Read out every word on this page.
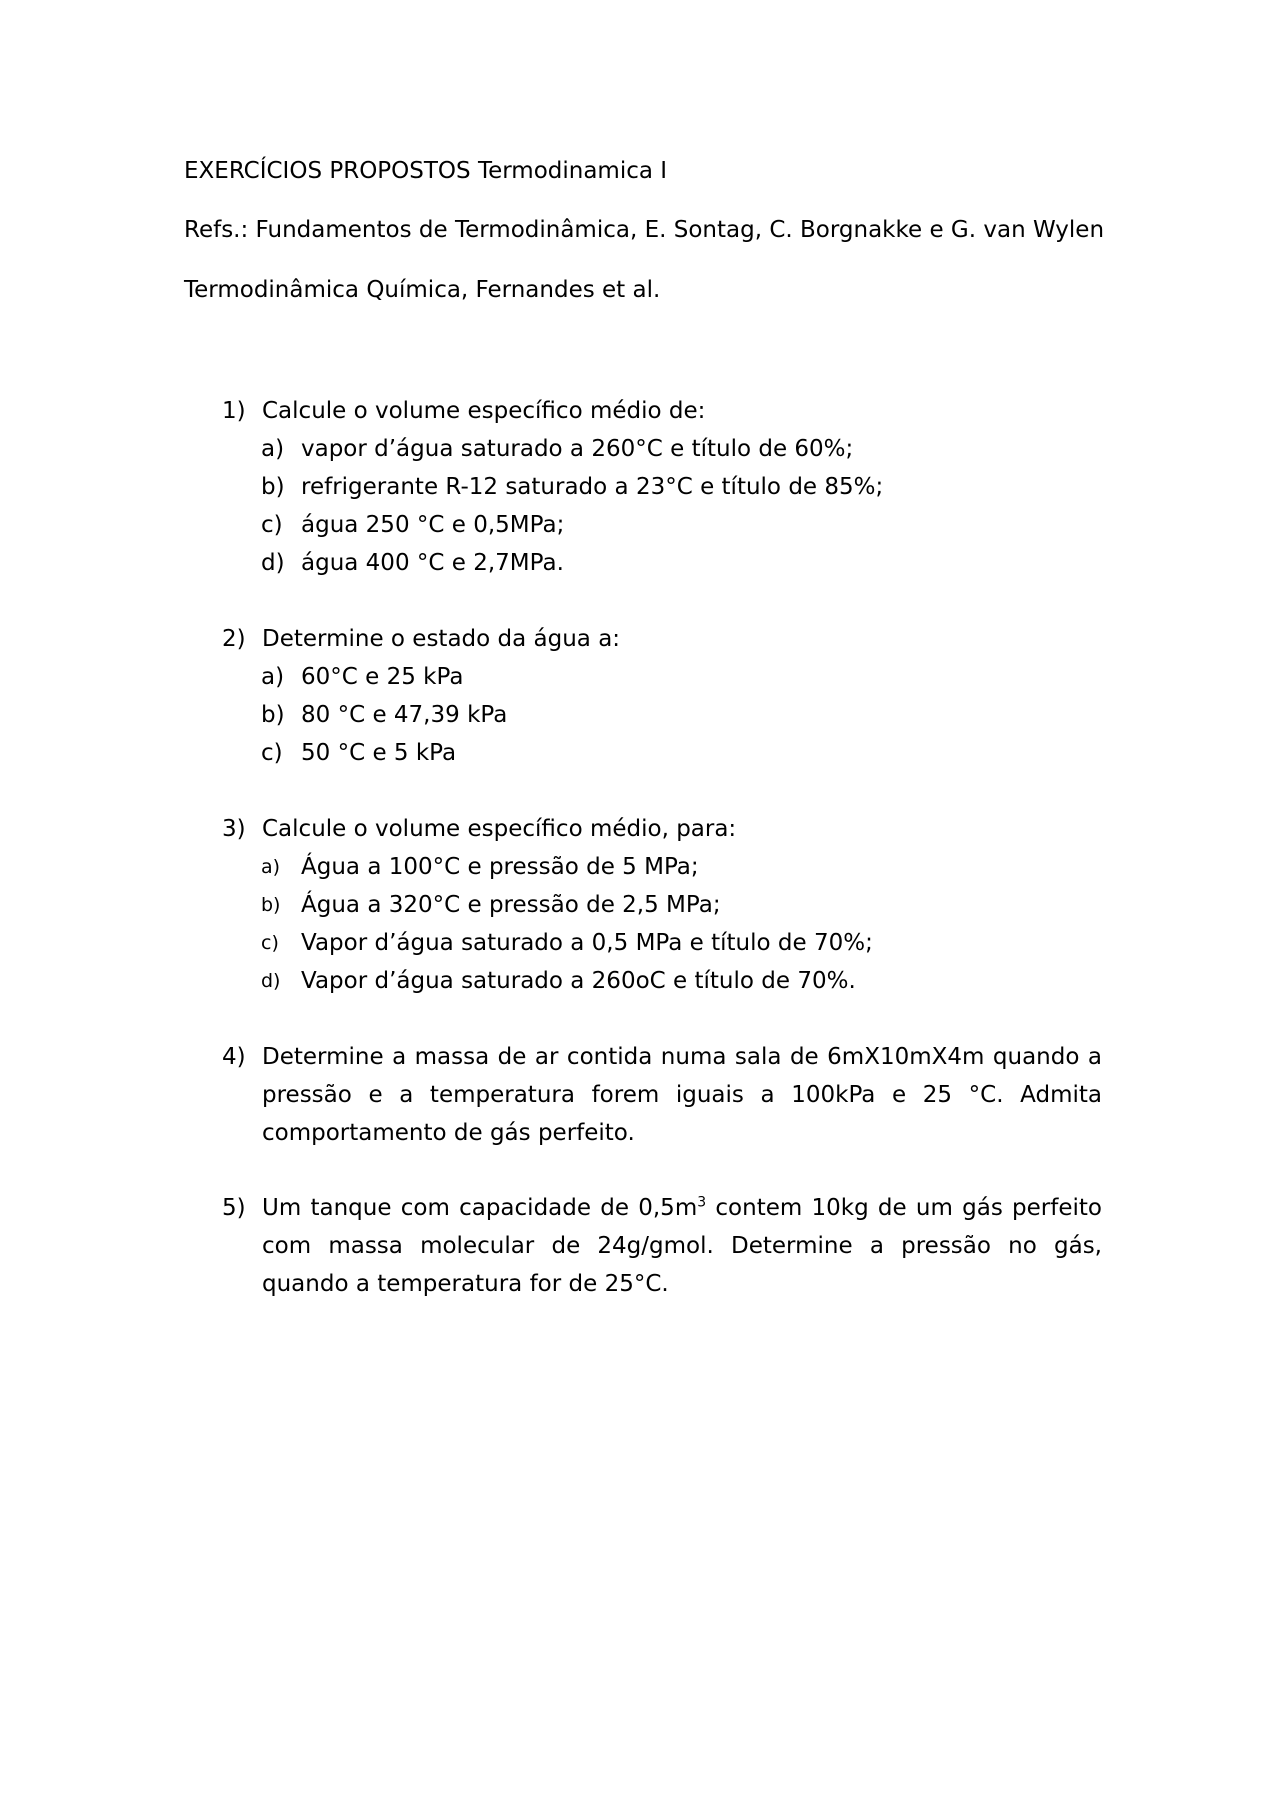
EXERCÍCIOS PROPOSTOS Termodinamica I
Refs.: Fundamentos de Termodinâmica, E. Sontag, C. Borgnakke e G. van Wylen
Termodinâmica Química, Fernandes et al.
1) Calcule o volume específico médio de:
a) vapor d’água saturado a 260°C e título de 60%;
b) refrigerante R-12 saturado a 23°C e título de 85%;
c) água 250 °C e 0,5MPa;
d) água 400 °C e 2,7MPa.
2) Determine o estado da água a:
a) 60°C e 25 kPa
b) 80 °C e 47,39 kPa
c) 50 °C e 5 kPa
3) Calcule o volume específico médio, para:
a) Água a 100°C e pressão de 5 MPa;
b) Água a 320°C e pressão de 2,5 MPa;
c) Vapor d’água saturado a 0,5 MPa e título de 70%;
d) Vapor d’água saturado a 260oC e título de 70%.
4) Determine a massa de ar contida numa sala de 6mX10mX4m quando a pressão e a temperatura forem iguais a 100kPa e 25 °C. Admita comportamento de gás perfeito.
5) Um tanque com capacidade de $0,5m^3$ contem 10kg de um gás perfeito com massa molecular de 24g/gmol. Determine a pressão no gás, quando a temperatura for de 25°C.
